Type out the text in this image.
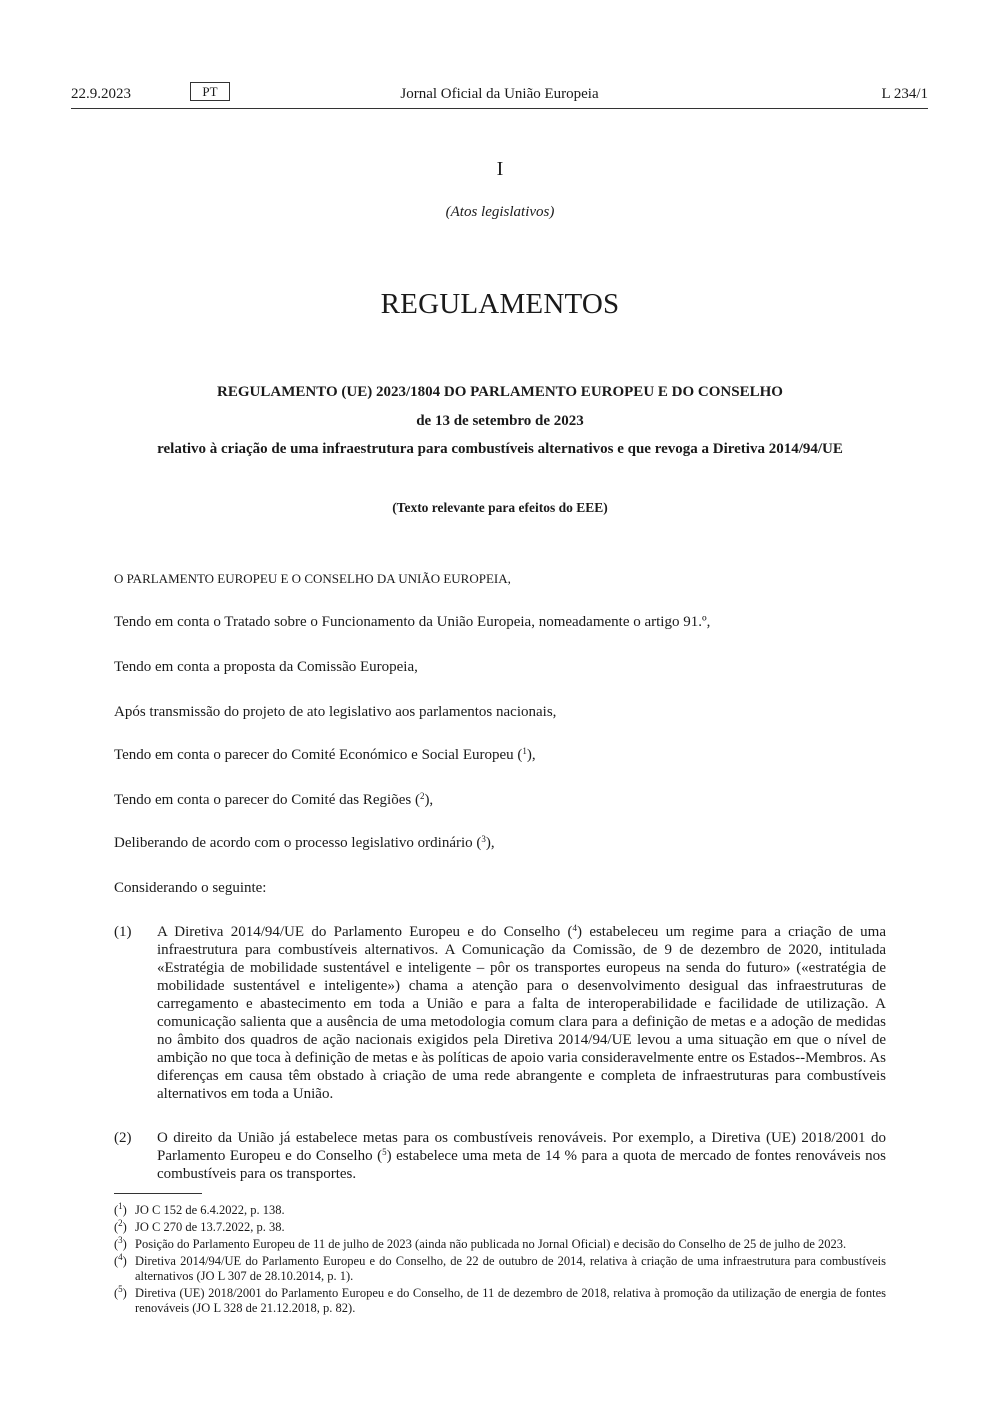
22.9.2023	PT	Jornal Oficial da União Europeia	L 234/1
I
(Atos legislativos)
REGULAMENTOS
REGULAMENTO (UE) 2023/1804 DO PARLAMENTO EUROPEU E DO CONSELHO
de 13 de setembro de 2023
relativo à criação de uma infraestrutura para combustíveis alternativos e que revoga a Diretiva 2014/94/UE
(Texto relevante para efeitos do EEE)
O PARLAMENTO EUROPEU E O CONSELHO DA UNIÃO EUROPEIA,
Tendo em conta o Tratado sobre o Funcionamento da União Europeia, nomeadamente o artigo 91.º,
Tendo em conta a proposta da Comissão Europeia,
Após transmissão do projeto de ato legislativo aos parlamentos nacionais,
Tendo em conta o parecer do Comité Económico e Social Europeu ($^1$),
Tendo em conta o parecer do Comité das Regiões ($^2$),
Deliberando de acordo com o processo legislativo ordinário ($^3$),
Considerando o seguinte:
(1) A Diretiva 2014/94/UE do Parlamento Europeu e do Conselho ($^4$) estabeleceu um regime para a criação de uma infraestrutura para combustíveis alternativos. A Comunicação da Comissão, de 9 de dezembro de 2020, intitulada «Estratégia de mobilidade sustentável e inteligente – pôr os transportes europeus na senda do futuro» («estratégia de mobilidade sustentável e inteligente») chama a atenção para o desenvolvimento desigual das infraestruturas de carregamento e abastecimento em toda a União e para a falta de interoperabilidade e facilidade de utilização. A comunicação salienta que a ausência de uma metodologia comum clara para a definição de metas e a adoção de medidas no âmbito dos quadros de ação nacionais exigidos pela Diretiva 2014/94/UE levou a uma situação em que o nível de ambição no que toca à definição de metas e às políticas de apoio varia consideravelmente entre os Estados--Membros. As diferenças em causa têm obstado à criação de uma rede abrangente e completa de infraestruturas para combustíveis alternativos em toda a União.
(2) O direito da União já estabelece metas para os combustíveis renováveis. Por exemplo, a Diretiva (UE) 2018/2001 do Parlamento Europeu e do Conselho ($^5$) estabelece uma meta de 14 % para a quota de mercado de fontes renováveis nos combustíveis para os transportes.
($^1$) JO C 152 de 6.4.2022, p. 138.
($^2$) JO C 270 de 13.7.2022, p. 38.
($^3$) Posição do Parlamento Europeu de 11 de julho de 2023 (ainda não publicada no Jornal Oficial) e decisão do Conselho de 25 de julho de 2023.
($^4$) Diretiva 2014/94/UE do Parlamento Europeu e do Conselho, de 22 de outubro de 2014, relativa à criação de uma infraestrutura para combustíveis alternativos (JO L 307 de 28.10.2014, p. 1).
($^5$) Diretiva (UE) 2018/2001 do Parlamento Europeu e do Conselho, de 11 de dezembro de 2018, relativa à promoção da utilização de energia de fontes renováveis (JO L 328 de 21.12.2018, p. 82).
